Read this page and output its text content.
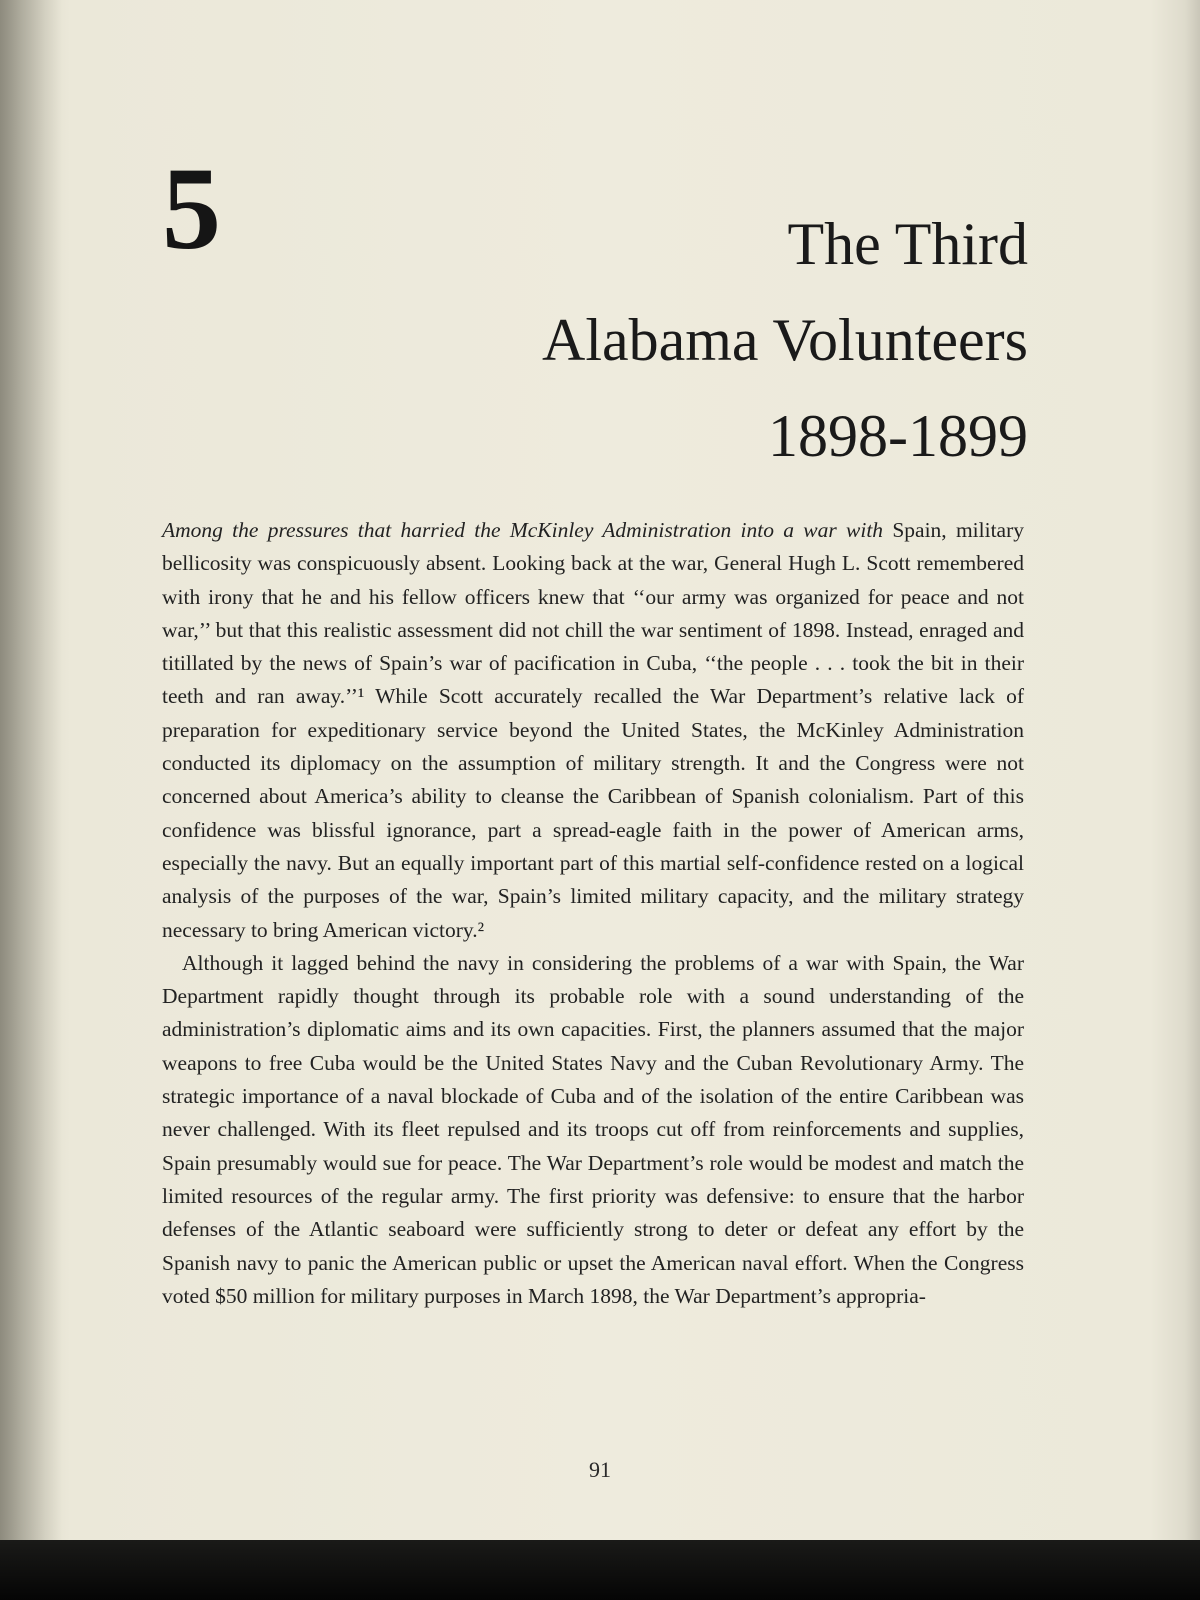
5	The Third
Alabama Volunteers
1898-1899

Among the pressures that harried the McKinley Administration into a war with Spain, military bellicosity was conspicuously absent. Looking back at the war, General Hugh L. Scott remembered with irony that he and his fellow officers knew that ‘‘our army was organized for peace and not war,’’ but that this realistic assessment did not chill the war sentiment of 1898. Instead, enraged and titillated by the news of Spain’s war of pacification in Cuba, ‘‘the people . . . took the bit in their teeth and ran away.’’¹ While Scott accurately recalled the War Department’s relative lack of preparation for expeditionary service beyond the United States, the McKinley Administration conducted its diplomacy on the assumption of military strength. It and the Congress were not concerned about America’s ability to cleanse the Caribbean of Spanish colonialism. Part of this confidence was blissful ignorance, part a spread-eagle faith in the power of American arms, especially the navy. But an equally important part of this martial self-confidence rested on a logical analysis of the purposes of the war, Spain’s limited military capacity, and the military strategy necessary to bring American victory.²

Although it lagged behind the navy in considering the problems of a war with Spain, the War Department rapidly thought through its probable role with a sound understanding of the administration’s diplomatic aims and its own capacities. First, the planners assumed that the major weapons to free Cuba would be the United States Navy and the Cuban Revolutionary Army. The strategic importance of a naval blockade of Cuba and of the isolation of the entire Caribbean was never challenged. With its fleet repulsed and its troops cut off from reinforcements and supplies, Spain presumably would sue for peace. The War Department’s role would be modest and match the limited resources of the regular army. The first priority was defensive: to ensure that the harbor defenses of the Atlantic seaboard were sufficiently strong to deter or defeat any effort by the Spanish navy to panic the American public or upset the American naval effort. When the Congress voted $50 million for military purposes in March 1898, the War Department’s appropria-

91
